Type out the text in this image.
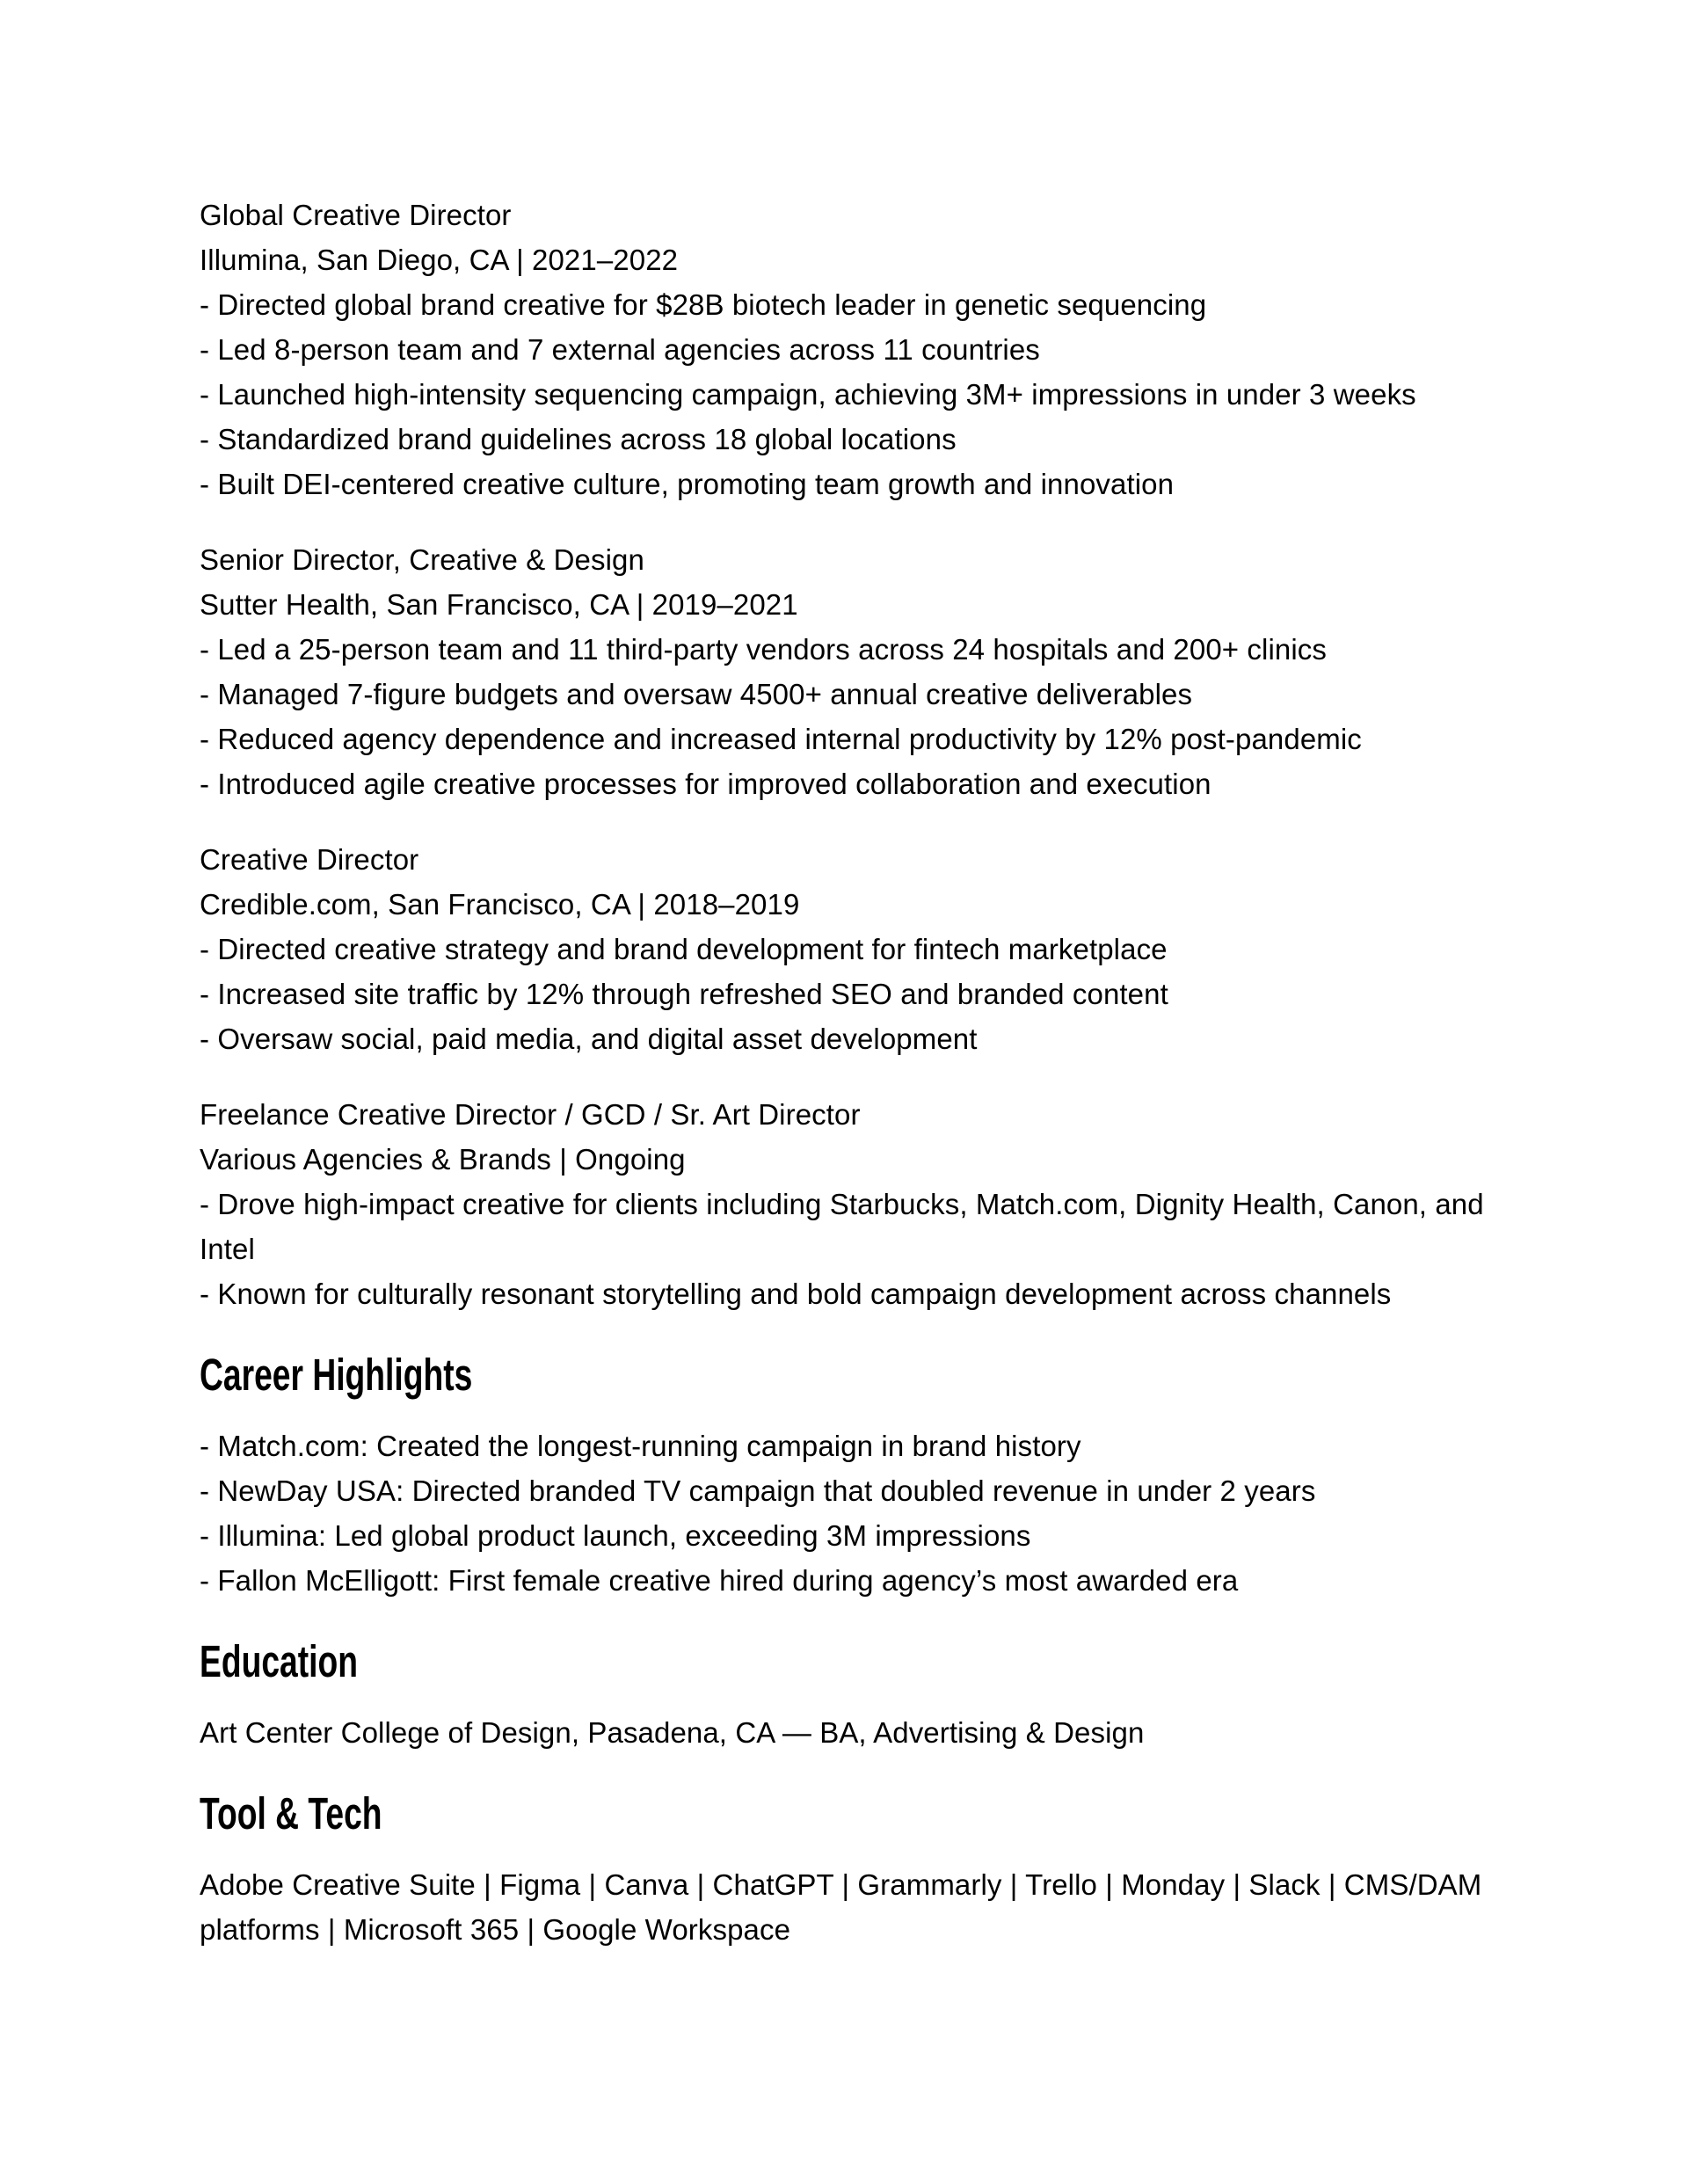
Global Creative Director
Illumina, San Diego, CA | 2021–2022
- Directed global brand creative for $28B biotech leader in genetic sequencing
- Led 8-person team and 7 external agencies across 11 countries
- Launched high-intensity sequencing campaign, achieving 3M+ impressions in under 3 weeks
- Standardized brand guidelines across 18 global locations
- Built DEI-centered creative culture, promoting team growth and innovation

Senior Director, Creative & Design
Sutter Health, San Francisco, CA | 2019–2021
- Led a 25-person team and 11 third-party vendors across 24 hospitals and 200+ clinics
- Managed 7-figure budgets and oversaw 4500+ annual creative deliverables
- Reduced agency dependence and increased internal productivity by 12% post-pandemic
- Introduced agile creative processes for improved collaboration and execution

Creative Director
Credible.com, San Francisco, CA | 2018–2019
- Directed creative strategy and brand development for fintech marketplace
- Increased site traffic by 12% through refreshed SEO and branded content
- Oversaw social, paid media, and digital asset development

Freelance Creative Director / GCD / Sr. Art Director
Various Agencies & Brands | Ongoing
- Drove high-impact creative for clients including Starbucks, Match.com, Dignity Health, Canon, and
Intel
- Known for culturally resonant storytelling and bold campaign development across channels

Career Highlights

- Match.com: Created the longest-running campaign in brand history
- NewDay USA: Directed branded TV campaign that doubled revenue in under 2 years
- Illumina: Led global product launch, exceeding 3M impressions
- Fallon McElligott: First female creative hired during agency’s most awarded era

Education

Art Center College of Design, Pasadena, CA — BA, Advertising & Design

Tool & Tech

Adobe Creative Suite | Figma | Canva | ChatGPT | Grammarly | Trello | Monday | Slack | CMS/DAM
platforms | Microsoft 365 | Google Workspace
